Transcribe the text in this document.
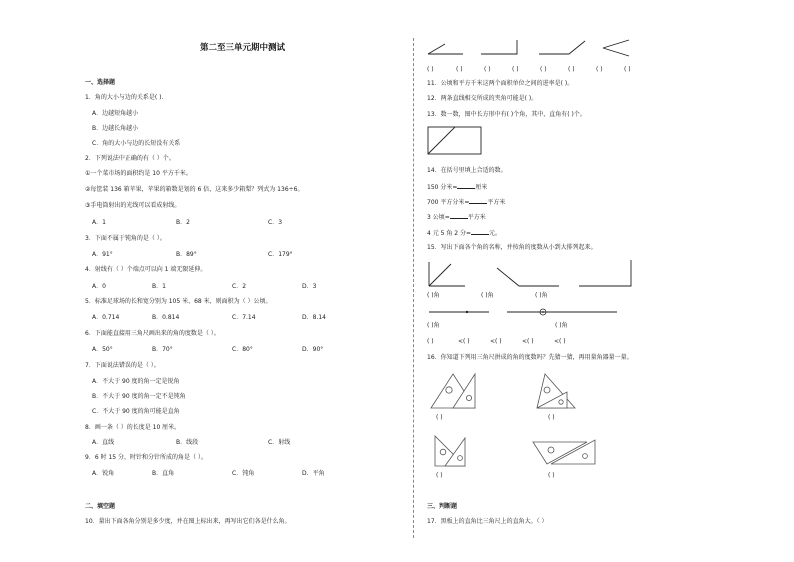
第二至三单元期中测试
一、选择题
1．角的大小与边的关系是( ).
A．边越短角越小
B．边越长角越小
C．角的大小与边的长短没有关系
2．下列说法中正确的有（ ）个。
①一个菜市场的面积约是 10 平方千米。
②每筐装 136 箱苹果，苹果的箱数是划的 6 倍，这来多少箱梨？列式为 136÷6。
③手电筒射出的光线可以看成射线。
A．1	B．2	C．3
3．下面不属于钝角的是（ ）。
A．91°	B．89°	C．179°
4．射线有（ ）个端点可以向 1 端无限延伸。
A．0	B．1	C．2	D．3
5．标准足球场的长和宽分别为 105 米、68 米，则面积为（ ）公顷。
A．0.714	B．0.814	C．7.14	D．8.14
6．下面能直接用三角尺画出来的角的度数是（ ）。
A．50°	B．70°	C．80°	D．90°
7．下面说法错误的是（ ）。
A．不大于 90 度的角一定是锐角
B．不大于 90 度的角一定不是钝角
C．不大于 90 度的角可能是直角
8．画一条（ ）的长度是 10 厘米。
A．直线	B．线段	C．射线
9．6 时 15 分，时针和分针所成的角是（ ）。
A．锐角	B．直角	C．钝角	D．平角
二、填空题
10．量出下面各角分别是多少度，并在图上标出来，再写出它们各是什么角。
( )	( )	( )	( )	( )	( )	( )	( )
11．公顷和平方千米这两个面积单位之间的进率是( )。
12．两条直线相交所成的夹角可能是( )。
13．数一数，图中长方形中有( )个角，其中，直角有( )个。
14．在括号里填上合适的数。
150 分米=	厘米
700 平方分米=	平方米
3 公顷=	平方米
4 元 5 角 2 分=	元。
15．写出下面各个角的名称，并按角的度数从小到大排列起来。
( )角	( )角	( )角
( )角	( )角
( )	<( )	<( )	<( )	<( )
16．你知道下列用三角尺拼成的角的度数吗？先猜一猜，再用量角器量一量。
( )	( )
( )	( )
三、判断题
17．黑板上的直角比三角尺上的直角大。（ ）
